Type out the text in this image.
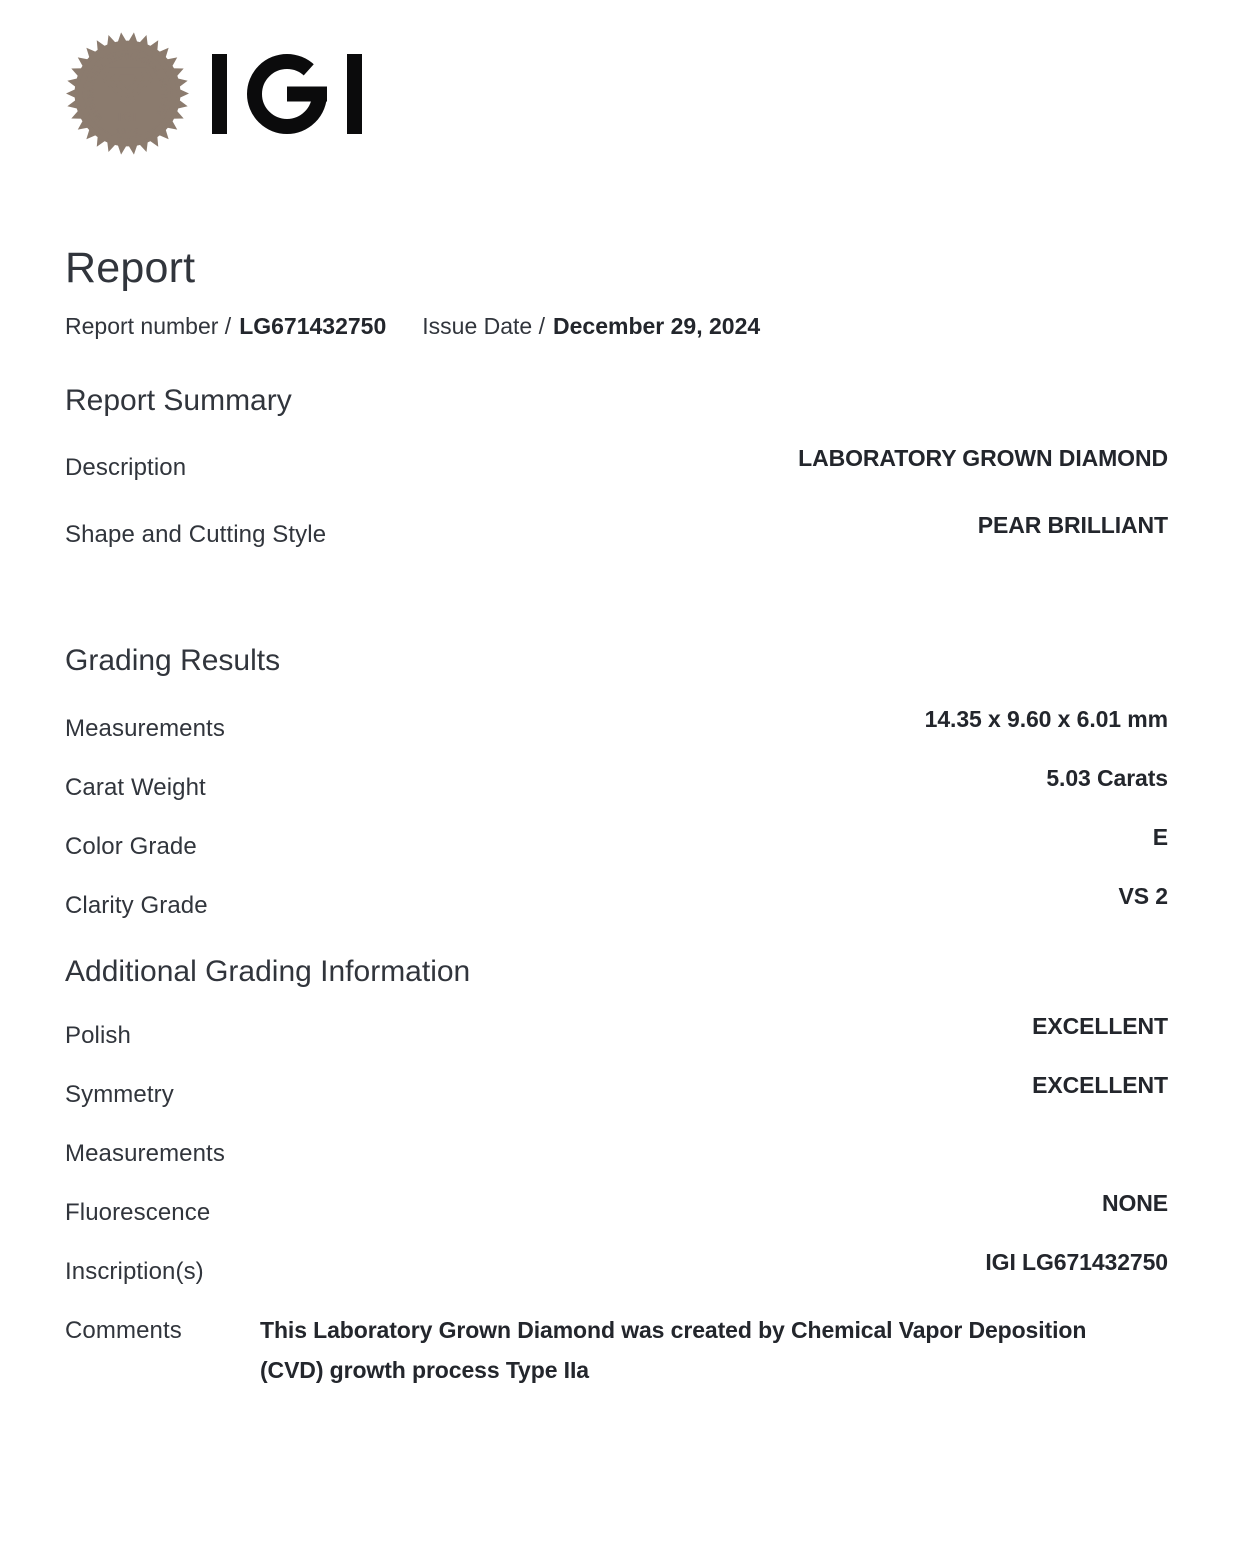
INTERNATIONAL GEMOLOGICAL INSTITUTE
IGI
1975
Report
Report number / LG671432750 Issue Date / December 29, 2024
Report Summary
Description	LABORATORY GROWN DIAMOND
Shape and Cutting Style	PEAR BRILLIANT
Grading Results
Measurements	14.35 x 9.60 x 6.01 mm
Carat Weight	5.03 Carats
Color Grade	E
Clarity Grade	VS 2
Additional Grading Information
Polish	EXCELLENT
Symmetry	EXCELLENT
Measurements
Fluorescence	NONE
Inscription(s)	IGI LG671432750
Comments	This Laboratory Grown Diamond was created by Chemical Vapor Deposition (CVD) growth process Type IIa
